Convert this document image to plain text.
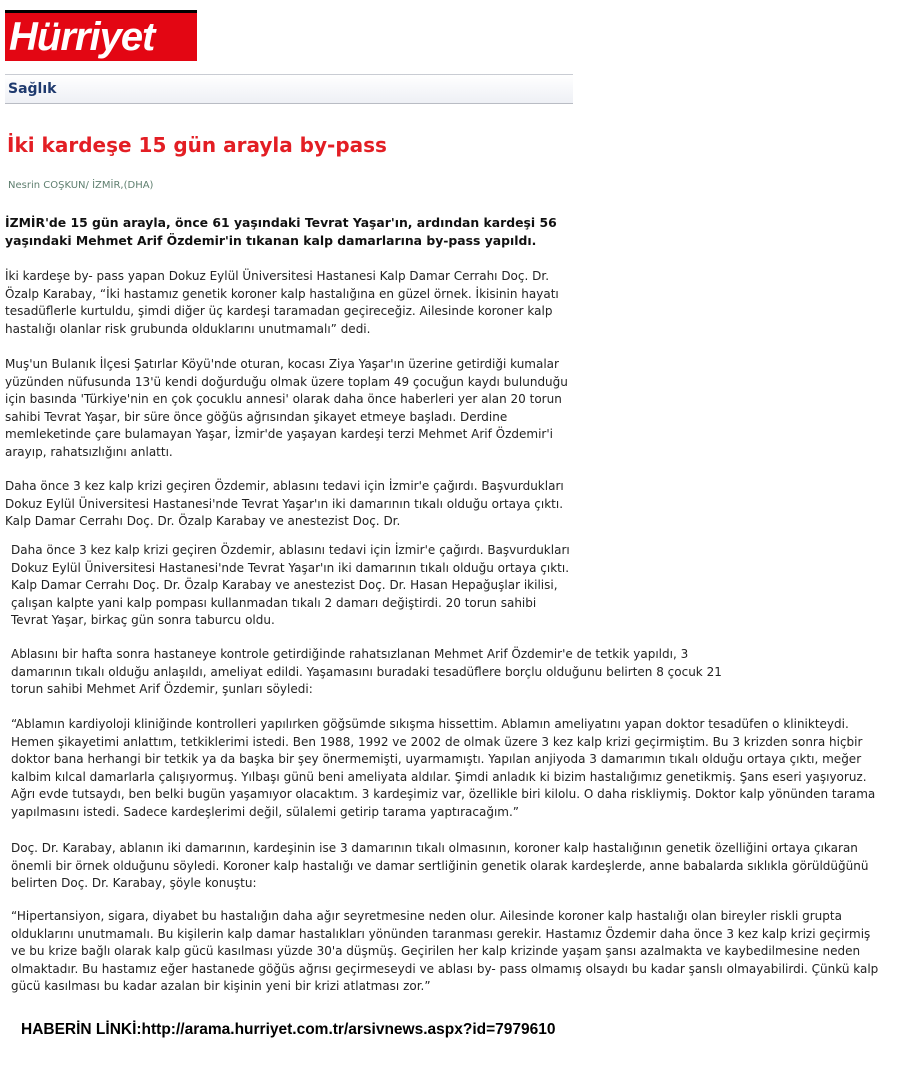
Hürriyet
Sağlık
İki kardeşe 15 gün arayla by-pass
Nesrin COŞKUN/ İZMİR,(DHA)

İZMİR'de 15 gün arayla, önce 61 yaşındaki Tevrat Yaşar'ın, ardından kardeşi 56 yaşındaki Mehmet Arif Özdemir'in tıkanan kalp damarlarına by-pass yapıldı.

İki kardeşe by- pass yapan Dokuz Eylül Üniversitesi Hastanesi Kalp Damar Cerrahı Doç. Dr. Özalp Karabay, “İki hastamız genetik koroner kalp hastalığına en güzel örnek. İkisinin hayatı tesadüflerle kurtuldu, şimdi diğer üç kardeşi taramadan geçireceğiz. Ailesinde koroner kalp hastalığı olanlar risk grubunda olduklarını unutmamalı” dedi.

Muş'un Bulanık İlçesi Şatırlar Köyü'nde oturan, kocası Ziya Yaşar'ın üzerine getirdiği kumalar yüzünden nüfusunda 13'ü kendi doğurduğu olmak üzere toplam 49 çocuğun kaydı bulunduğu için basında 'Türkiye'nin en çok çocuklu annesi' olarak daha önce haberleri yer alan 20 torun sahibi Tevrat Yaşar, bir süre önce göğüs ağrısından şikayet etmeye başladı. Derdine memleketinde çare bulamayan Yaşar, İzmir'de yaşayan kardeşi terzi Mehmet Arif Özdemir'i arayıp, rahatsızlığını anlattı.

Daha önce 3 kez kalp krizi geçiren Özdemir, ablasını tedavi için İzmir'e çağırdı. Başvurdukları Dokuz Eylül Üniversitesi Hastanesi'nde Tevrat Yaşar'ın iki damarının tıkalı olduğu ortaya çıktı. Kalp Damar Cerrahı Doç. Dr. Özalp Karabay ve anestezist Doç. Dr.

Daha önce 3 kez kalp krizi geçiren Özdemir, ablasını tedavi için İzmir'e çağırdı. Başvurdukları Dokuz Eylül Üniversitesi Hastanesi'nde Tevrat Yaşar'ın iki damarının tıkalı olduğu ortaya çıktı. Kalp Damar Cerrahı Doç. Dr. Özalp Karabay ve anestezist Doç. Dr. Hasan Hepağuşlar ikilisi, çalışan kalpte yani kalp pompası kullanmadan tıkalı 2 damarı değiştirdi. 20 torun sahibi Tevrat Yaşar, birkaç gün sonra taburcu oldu.

Ablasını bir hafta sonra hastaneye kontrole getirdiğinde rahatsızlanan Mehmet Arif Özdemir'e de tetkik yapıldı, 3 damarının tıkalı olduğu anlaşıldı, ameliyat edildi. Yaşamasını buradaki tesadüflere borçlu olduğunu belirten 8 çocuk 21 torun sahibi Mehmet Arif Özdemir, şunları söyledi:

“Ablamın kardiyoloji kliniğinde kontrolleri yapılırken göğsümde sıkışma hissettim. Ablamın ameliyatını yapan doktor tesadüfen o klinikteydi. Hemen şikayetimi anlattım, tetkiklerimi istedi. Ben 1988, 1992 ve 2002 de olmak üzere 3 kez kalp krizi geçirmiştim. Bu 3 krizden sonra hiçbir doktor bana herhangi bir tetkik ya da başka bir şey önermemişti, uyarmamıştı. Yapılan anjiyoda 3 damarımın tıkalı olduğu ortaya çıktı, meğer kalbim kılcal damarlarla çalışıyormuş. Yılbaşı günü beni ameliyata aldılar. Şimdi anladık ki bizim hastalığımız genetikmiş. Şans eseri yaşıyoruz. Ağrı evde tutsaydı, ben belki bugün yaşamıyor olacaktım. 3 kardeşimiz var, özellikle biri kilolu. O daha riskliymiş. Doktor kalp yönünden tarama yapılmasını istedi. Sadece kardeşlerimi değil, sülalemi getirip tarama yaptıracağım.”

Doç. Dr. Karabay, ablanın iki damarının, kardeşinin ise 3 damarının tıkalı olmasının, koroner kalp hastalığının genetik özelliğini ortaya çıkaran önemli bir örnek olduğunu söyledi. Koroner kalp hastalığı ve damar sertliğinin genetik olarak kardeşlerde, anne babalarda sıklıkla görüldüğünü belirten Doç. Dr. Karabay, şöyle konuştu:

“Hipertansiyon, sigara, diyabet bu hastalığın daha ağır seyretmesine neden olur. Ailesinde koroner kalp hastalığı olan bireyler riskli grupta olduklarını unutmamalı. Bu kişilerin kalp damar hastalıkları yönünden taranması gerekir. Hastamız Özdemir daha önce 3 kez kalp krizi geçirmiş ve bu krize bağlı olarak kalp gücü kasılması yüzde 30'a düşmüş. Geçirilen her kalp krizinde yaşam şansı azalmakta ve kaybedilmesine neden olmaktadır. Bu hastamız eğer hastanede göğüs ağrısı geçirmeseydi ve ablası by- pass olmamış olsaydı bu kadar şanslı olmayabilirdi. Çünkü kalp gücü kasılması bu kadar azalan bir kişinin yeni bir krizi atlatması zor.”

HABERİN LİNKİ:http://arama.hurriyet.com.tr/arsivnews.aspx?id=7979610
